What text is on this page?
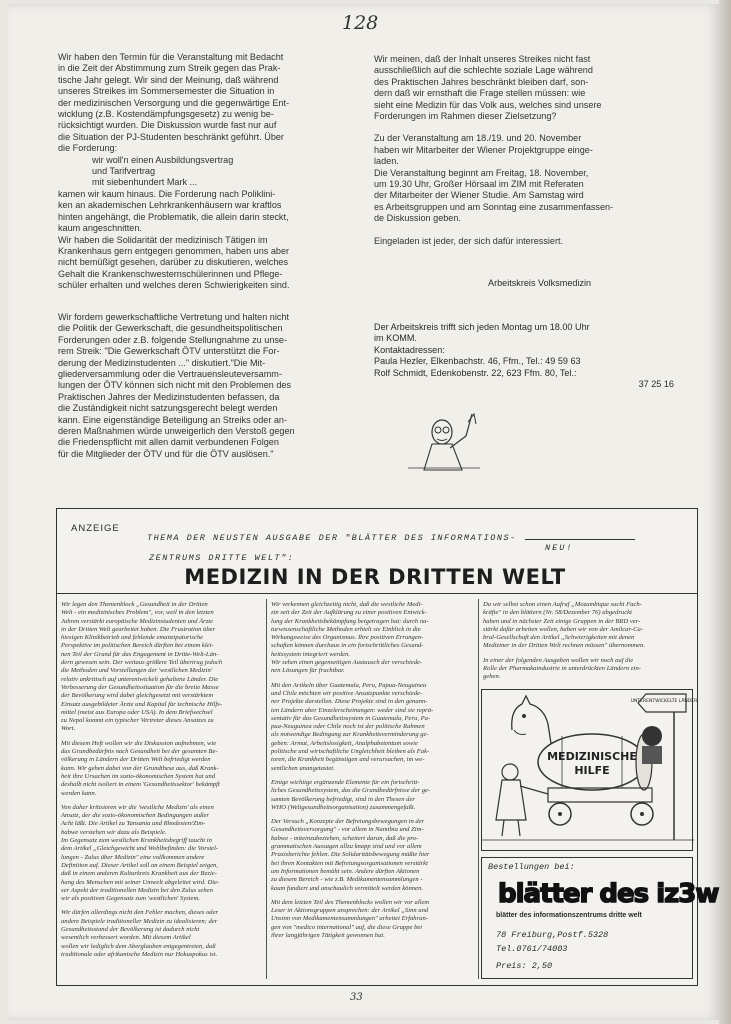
128
Wir haben den Termin für die Veranstaltung mit Bedacht
in die Zeit der Abstimmung zum Streik gegen das Prak-
tische Jahr gelegt. Wir sind der Meinung, daß während
unseres Streikes im Sommersemester die Situation in
der medizinischen Versorgung und die gegenwärtige Ent-
wicklung (z.B. Kostendämpfungsgesetz) zu wenig be-
rücksichtigt wurden. Die Diskussion wurde fast nur auf
die Situation der PJ-Studenten beschränkt geführt. Über
die Forderung:
wir woll'n einen Ausbildungsvertrag
und Tarifvertrag
mit siebenhundert Mark ...
kamen wir kaum hinaus. Die Forderung nach Poliklini-
ken an akademischen Lehrkrankenhäusern war kraftlos
hinten angehängt, die Problematik, die allein darin steckt,
kaum angeschnitten.
Wir haben die Solidarität der medizinisch Tätigen im
Krankenhaus gern entgegen genommen, haben uns aber
nicht bemüßigt gesehen, darüber zu diskutieren, welches
Gehalt die Krankenschwesternschülerinnen und Pflege-
schüler erhalten und welches deren Schwierigkeiten sind.
Wir fordern gewerkschaftliche Vertretung und halten nicht
die Politik der Gewerkschaft, die gesundheitspolitischen
Forderungen oder z.B. folgende Stellungnahme zu unse-
rem Streik: "Die Gewerkschaft ÖTV unterstützt die For-
derung der Medizinstudenten ..." diskutiert."Die Mit-
gliederversammlung oder die Vertrauensleuteversamm-
lungen der ÖTV können sich nicht mit den Problemen des
Praktischen Jahres der Medizinstudenten befassen, da
die Zuständigkeit nicht satzungsgerecht belegt werden
kann. Eine eigenständige Beteiligung an Streiks oder an-
deren Maßnahmen würde unweigerlich den Verstoß gegen
die Friedenspflicht mit allen damit verbundenen Folgen
für die Mitglieder der ÖTV und für die ÖTV auslösen."
Wir meinen, daß der Inhalt unseres Streikes nicht fast
ausschließlich auf die schlechte soziale Lage während
des Praktischen Jahres beschränkt bleiben darf, son-
dern daß wir ernsthaft die Frage stellen müssen: wie
sieht eine Medizin für das Volk aus, welches sind unsere
Forderungen im Rahmen dieser Zielsetzung?
Zu der Veranstaltung am 18./19. und 20. November
haben wir Mitarbeiter der Wiener Projektgruppe einge-
laden.
Die Veranstaltung beginnt am Freitag, 18. November,
um 19.30 Uhr, Großer Hörsaal im ZIM mit Referaten
der Mitarbeiter der Wiener Studie. Am Samstag wird
es Arbeitsgruppen und am Sonntag eine zusammenfassen-
de Diskussion geben.

Eingeladen ist jeder, der sich dafür interessiert.

Arbeitskreis Volksmedizin
Der Arbeitskreis trifft sich jeden Montag um 18.00 Uhr
im KOMM.
Kontaktadressen:
Paula Hezler, Elkenbachstr. 46, Ffm., Tel.: 49 59 63
Rolf Schmidt, Edenkobenstr. 22, 623 Ffm. 80, Tel.:
37 25 16
ANZEIGE
THEMA DER NEUSTEN AUSGABE DER "BLÄTTER DES INFORMATIONS-
ZENTRUMS DRITTE WELT":
NEU!
MEDIZIN IN DER DRITTEN WELT
Wir legen den Themenblock „Gesundheit in der Dritten
Welt - ein medizinisches Problem", vor, weil in den letzten
Jahren verstärkt europäische Medizinstudenten und Ärzte
in der Dritten Welt gearbeitet haben. Die Frustration über
hiesigen Klinikbetrieb und fehlende emanzipatorische
Perspektive im politischen Bereich dürften bei einem klei-
nen Teil der Grund für das Engagement in Dritte-Welt-Län-
dern gewesen sein. Der weitaus größere Teil übertrug jedoch
die Methoden und Vorstellungen der 'westlichen Medizin'
relativ unkritisch auf unterentwickelt gehaltene Länder. Die
Verbesserung der Gesundheitssituation für die breite Masse
der Bevölkerung wird dabei gleichgesetzt mit verstärktem
Einsatz ausgebildeter Ärzte und Kapital für technische Hilfs-
mittel (meist aus Europa oder USA). In dem Briefwechsel
zu Nepal kommt ein typischer Vertreter dieses Ansatzes zu
Wort.
Mit diesem Heft wollen wir die Diskussion aufnehmen, wie
das Grundbedürfnis nach Gesundheit bei der gesamten Be-
völkerung in Ländern der Dritten Welt befriedigt werden
kann. Wir gehen dabei von der Grundthese aus, daß Krank-
heit ihre Ursachen im sozio-ökonomischen System hat und
deshalb nicht isoliert in einem 'Gesundheitssektor' bekämpft
werden kann.
Von daher kritisieren wir die 'westliche Medizin' als einen
Ansatz, der die sozio-ökonomischen Bedingungen außer
Acht läßt. Die Artikel zu Tansania und Rhodesien/Zim-
babwe verstehen wir dazu als Beispiele.
Im Gegensatz zum westlichen Krankheitsbegriff taucht in
dem Artikel „Gleichgewicht und Wohlbefinden: die Vorstel-
lungen - Zulus über Medizin" eine vollkommen andere
Definition auf. Dieser Artikel soll an einem Beispiel zeigen,
daß in einem anderen Kulturkreis Krankheit aus der Bezie-
hung des Menschen mit seiner Umwelt abgeleitet wird. Die-
ser Aspekt der traditionellen Medizin bei den Zulus sehen
wir als positiven Gegensatz zum 'westlichen' System.
Wir dürfen allerdings nicht den Fehler machen, dieses oder
andere Beispiele traditioneller Medizin zu idealisieren; der
Gesundheitsstand der Bevölkerung ist dadurch nicht
wesentlich verbessert worden. Mit diesem Artikel
wollen wir lediglich dem Aberglauben entgegentreten, daß
traditionale oder afrikanische Medizin nur Hokuspokus ist.
Wir verkennen gleichzeitig nicht, daß die westliche Medi-
zin seit der Zeit der Aufklärung zu einer positiven Entwick-
lung der Krankheitsbekämpfung beigetragen hat: durch na-
turwissenschaftliche Methoden erhielt sie Einblick in die
Wirkungsweise des Organismus. Ihre positiven Errungen-
schaften können durchaus in ein fortschrittliches Gesund-
heitssystem integriert werden.
Wir sehen einen gegenseitigen Austausch der verschiede-
nen Lösungen für fruchtbar.
Mit den Artikeln über Guatemala, Peru, Papua-Neuguinea
und Chile möchten wir positive Ansatzpunkte verschiede-
ner Projekte darstellen. Diese Projekte sind in den genann-
ten Ländern aber Einzelerscheinungen: weder sind sie reprä-
sentativ für das Gesundheitssystem in Guatemala, Peru, Pa-
pua-Neuguinea oder Chile noch ist der politische Rahmen
als notwendige Bedingung zur Krankheitsverminderung ge-
geben: Armut, Arbeitslosigkeit, Analphabetentum sowie
politische und wirtschaftliche Ungleichheit bleiben als Fak-
toren, die Krankheit begünstigen und verursachen, im we-
sentlichen unangetastet.
Einige wichtige ergänzende Elemente für ein fortschritt-
liches Gesundheitssystem, das die Grundbedürfnisse der ge-
samten Bevölkerung befriedigt, sind in den Thesen der
WHO (Weltgesundheitsorganisation) zusammengefaßt.
Der Versuch „Konzepte der Befreiungsbewegungen in der
Gesundheitsversorgung" - vor allem in Namibia und Zim-
babwe - miteinzubeziehen, scheitert daran, daß die pro-
grammatischen Aussagen allzu knapp sind und vor allem
Praxisberichte fehlen. Die Solidaritätsbewegung müßte hier
bei ihren Kontakten mit Befreiungsorganisationen verstärkt
um Informationen bemüht sein. Andere dürften Aktionen
zu diesem Bereich - wie z.B. Medikamentensammlungen -
kaum fundiert und anschaulich vermittelt werden können.
Mit dem letzten Teil des Themenblocks wollen wir vor allem
Leser in Aktionsgruppen ansprechen: der Artikel „Sinn und
Unsinn von Medikamentensammlungen" arbeitet Erfahrun-
gen von "medico international" auf, die diese Gruppe bei
ihrer langjährigen Tätigkeit gewonnen hat.
Da wir selbst schon einen Aufruf „Mozambique sucht Fach-
kräfte" in den blättern (Nr. 58/Dezember 76) abgedruckt
haben und in nächster Zeit einige Gruppen in der BRD ver-
stärkt dafür arbeiten wollen, haben wir von der Amilcar-Ca-
bral-Gesellschaft den Artikel „Schwierigkeiten mit denen
Mediziner in der Dritten Welt rechnen müssen" übernommen.
In einer der folgenden Ausgaben wollen wir noch auf die
Rolle der Pharmakaindustrie in unterdrückten Ländern ein-
gehen.
MEDIZINISCHE
HILFE
UNTERENTWICKELTE LÄNDER
Bestellungen bei:
blätter des iz3w
blätter des informationszentrums dritte welt
78 Freiburg,Postf.5328
Tel.0761/74003
Preis: 2,50
33
